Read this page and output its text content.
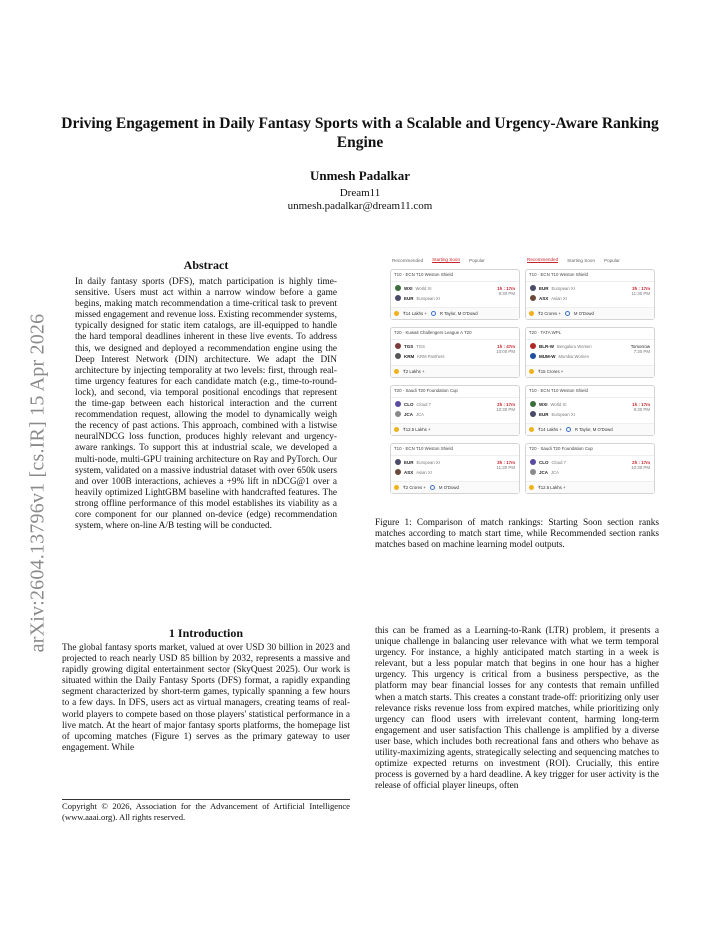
Driving Engagement in Daily Fantasy Sports with a Scalable and Urgency-Aware Ranking Engine
Unmesh Padalkar
Dream11
unmesh.padalkar@dream11.com
arXiv:2604.13796v1 [cs.IR] 15 Apr 2026
Abstract
In daily fantasy sports (DFS), match participation is highly time-sensitive. Users must act within a narrow window before a game begins, making match recommendation a time-critical task to prevent missed engagement and revenue loss. Existing recommender systems, typically designed for static item catalogs, are ill-equipped to handle the hard temporal deadlines inherent in these live events. To address this, we designed and deployed a recommendation engine using the Deep Interest Network (DIN) architecture. We adapt the DIN architecture by injecting temporality at two levels: first, through real-time urgency features for each candidate match (e.g., time-to-round-lock), and second, via temporal positional encodings that represent the time-gap between each historical interaction and the current recommendation request, allowing the model to dynamically weigh the recency of past actions. This approach, combined with a listwise neuralNDCG loss function, produces highly relevant and urgency-aware rankings. To support this at industrial scale, we developed a multi-node, multi-GPU training architecture on Ray and PyTorch. Our system, validated on a massive industrial dataset with over 650k users and over 100B interactions, achieves a +9% lift in nDCG@1 over a heavily optimized LightGBM baseline with handcrafted features. The strong offline performance of this model establishes its viability as a core component for our planned on-device (edge) recommendation system, where on-line A/B testing will be conducted.
1 Introduction
The global fantasy sports market, valued at over USD 30 billion in 2023 and projected to reach nearly USD 85 billion by 2032, represents a massive and rapidly growing digital entertainment sector (SkyQuest 2025). Our work is situated within the Daily Fantasy Sports (DFS) format, a rapidly expanding segment characterized by short-term games, typically spanning a few hours to a few days. In DFS, users act as virtual managers, creating teams of real-world players to compete based on those players' statistical performance in a live match. At the heart of major fantasy sports platforms, the homepage list of upcoming matches (Figure 1) serves as the primary gateway to user engagement. While
Copyright © 2026, Association for the Advancement of Artificial Intelligence (www.aaai.org). All rights reserved.
Recommended Starting Soon Popular
T10 · ECN T10 Weston Shield
WXI World XI
EUR European XI
1h : 17m
9:30 PM
₹14 Lakhs +	R Taylor, M O'Dowd
T20 · Kuwait Challengers League A T20
TGS TGS
KRM KRM Panthers
1h : 47m
10:00 PM
₹2 Lakhs +
T20 · Saudi T20 Foundation Cup
CLO Cloud 7
JCA JCA
2h : 17m
10:30 PM
₹12.5 Lakhs +
T10 · ECN T10 Weston Shield
EUR European XI
ASX Asian XI
3h : 17m
11:30 PM
₹2 Crores +	M O'Dowd
Recommended Starting Soon Popular
T10 · ECN T10 Weston Shield
EUR European XI
ASX Asian XI
3h : 17m
11:30 PM
₹2 Crores +	M O'Dowd
T20 · TATA WPL
BLR-W Bengaluru Women
MUM-W Mumbai Women
Tomorrow
7:30 PM
₹15 Crores +
T10 · ECN T10 Weston Shield
WXI World XI
EUR European XI
1h : 17m
9:30 PM
₹14 Lakhs +	R Taylor, M O'Dowd
T20 · Saudi T20 Foundation Cup
CLO Cloud 7
JCA JCA
2h : 17m
10:30 PM
₹12.5 Lakhs +
Figure 1: Comparison of match rankings: Starting Soon section ranks matches according to match start time, while Recommended section ranks matches based on machine learning model outputs.
this can be framed as a Learning-to-Rank (LTR) problem, it presents a unique challenge in balancing user relevance with what we term temporal urgency. For instance, a highly anticipated match starting in a week is relevant, but a less popular match that begins in one hour has a higher urgency. This urgency is critical from a business perspective, as the platform may bear financial losses for any contests that remain unfilled when a match starts. This creates a constant trade-off: prioritizing only user relevance risks revenue loss from expired matches, while prioritizing only urgency can flood users with irrelevant content, harming long-term engagement and user satisfaction This challenge is amplified by a diverse user base, which includes both recreational fans and others who behave as utility-maximizing agents, strategically selecting and sequencing matches to optimize expected returns on investment (ROI). Crucially, this entire process is governed by a hard deadline. A key trigger for user activity is the release of official player lineups, often
